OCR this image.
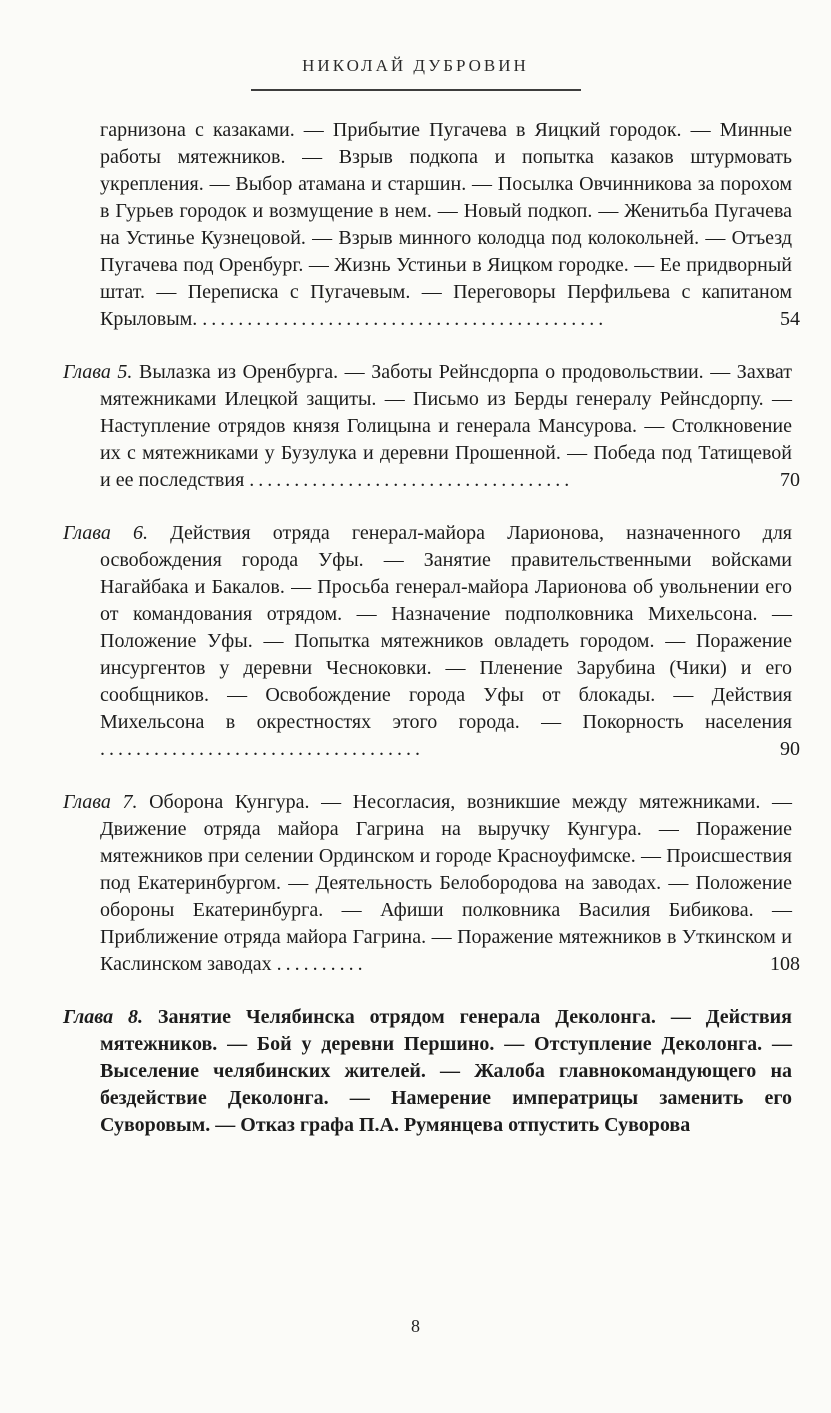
НИКОЛАЙ ДУБРОВИН

гарнизона с казаками. — Прибытие Пугачева в Яицкий городок. — Минные работы мятежников. — Взрыв подкопа и попытка казаков штурмовать укрепления. — Выбор атамана и старшин. — Посылка Овчинникова за порохом в Гурьев городок и возмущение в нем. — Новый подкоп. — Женитьба Пугачева на Устинье Кузнецовой. — Взрыв минного колодца под колокольней. — Отъезд Пугачева под Оренбург. — Жизнь Устиньи в Яицком городке. — Ее придворный штат. — Переписка с Пугачевым. — Переговоры Перфильева с капитаном Крыловым. .............................................	54

Глава 5. Вылазка из Оренбурга. — Заботы Рейнсдорпа о продовольствии. — Захват мятежниками Илецкой защиты. — Письмо из Берды генералу Рейнсдорпу. — Наступление отрядов князя Голицына и генерала Мансурова. — Столкновение их с мятежниками у Бузулука и деревни Прошенной. — Победа под Татищевой и ее последствия ....................................	70

Глава 6. Действия отряда генерал-майора Ларионова, назначенного для освобождения города Уфы. — Занятие правительственными войсками Нагайбака и Бакалов. — Просьба генерал-майора Ларионова об увольнении его от командования отрядом. — Назначение подполковника Михельсона. — Положение Уфы. — Попытка мятежников овладеть городом. — Поражение инсургентов у деревни Чесноковки. — Пленение Зарубина (Чики) и его сообщников. — Освобождение города Уфы от блокады. — Действия Михельсона в окрестностях этого города. — Покорность населения ....................................	90

Глава 7. Оборона Кунгура. — Несогласия, возникшие между мятежниками. — Движение отряда майора Гагрина на выручку Кунгура. — Поражение мятежников при селении Ординском и городе Красноуфимске. — Происшествия под Екатеринбургом. — Деятельность Белобородова на заводах. — Положение обороны Екатеринбурга. — Афиши полковника Василия Бибикова. — Приближение отряда майора Гагрина. — Поражение мятежников в Уткинском и Каслинском заводах ..........	108

Глава 8. Занятие Челябинска отрядом генерала Деколонга. — Действия мятежников. — Бой у деревни Першино. — Отступление Деколонга. — Выселение челябинских жителей. — Жалоба главнокомандующего на бездействие Деколонга. — Намерение императрицы заменить его Суворовым. — Отказ графа П.А. Румянцева отпустить Суворова

8
